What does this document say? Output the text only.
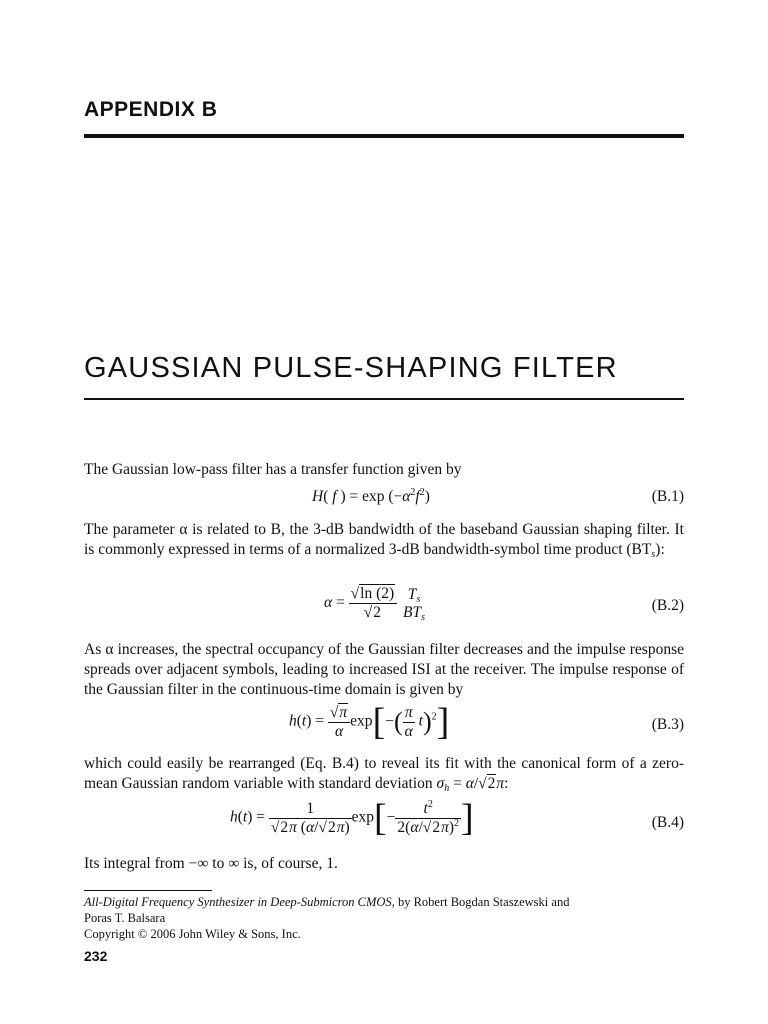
APPENDIX B
GAUSSIAN PULSE-SHAPING FILTER
The Gaussian low-pass filter has a transfer function given by
H( f ) = $\exp (-\alpha^2f^2)$	(B.1)
The parameter α is related to B, the 3-dB bandwidth of the baseband Gaussian shaping filter. It is commonly expressed in terms of a normalized 3-dB bandwidth-symbol time product $(BT_s)$:
$\alpha = \frac{√\ln (2)}{√2}$
$T_s$
$BT_s$
(B.2)
As α increases, the spectral occupancy of the Gaussian filter decreases and the impulse response spreads over adjacent symbols, leading to increased ISI at the receiver. The impulse response of the Gaussian filter in the continuous-time domain is given by
$h(t) = \frac{√\pi}{\alpha} \exp[-( \frac{\pi}{\alpha} t)^2]$	(B.3)
which could easily be rearranged (Eq. B.4) to reveal its fit with the canonical form of a zero-mean Gaussian random variable with standard deviation $\sigma_h = \alpha/√2\pi$:
$h(t) = \frac{1}{√2\pi (\alpha/√2\pi)} \exp[- \frac{t^2}{2(\alpha/√2\pi)^2}$ ]	(B.4)
Its integral from −∞ to ∞ is, of course, 1.
All-Digital Frequency Synthesizer in Deep-Submicron CMOS, by Robert Bogdan Staszewski and
Poras T. Balsara
Copyright © 2006 John Wiley & Sons, Inc.
232
